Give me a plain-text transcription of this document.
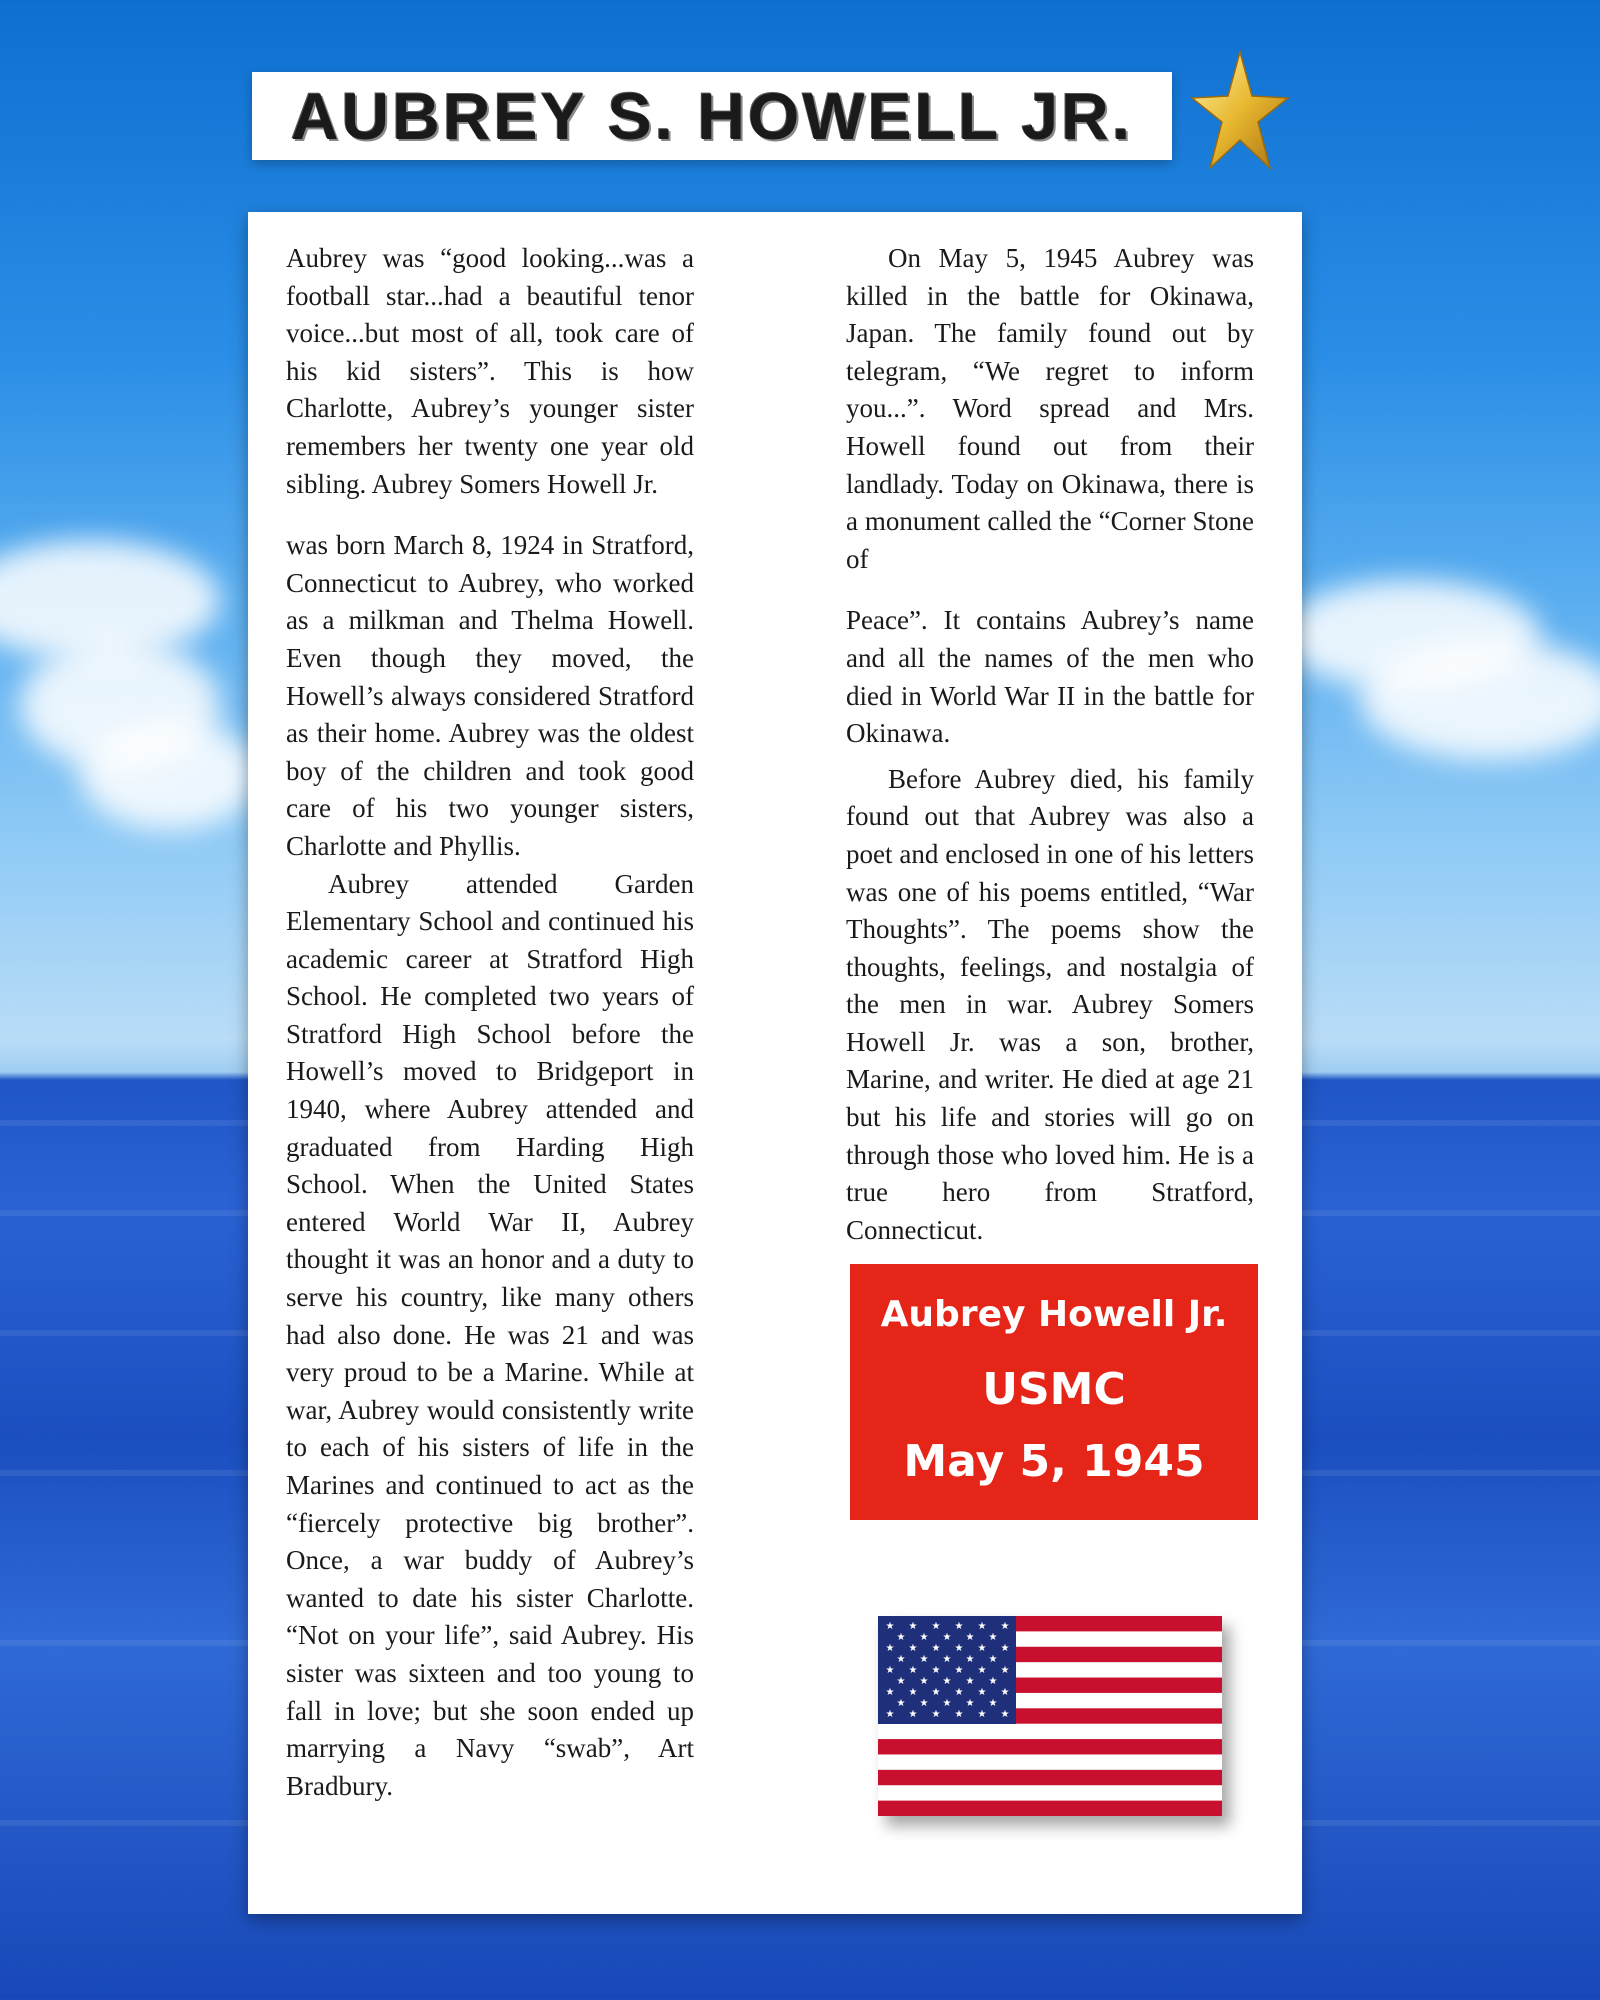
AUBREY S. HOWELL JR.

Aubrey was “good looking...was a football star...had a beautiful tenor voice...but most of all, took care of his kid sisters”. This is how Charlotte, Aubrey’s younger sister remembers her twenty one year old sibling. Aubrey Somers Howell Jr.

was born March 8, 1924 in Stratford, Connecticut to Aubrey, who worked as a milkman and Thelma Howell. Even though they moved, the Howell’s always considered Stratford as their home. Aubrey was the oldest boy of the children and took good care of his two younger sisters, Charlotte and Phyllis.

Aubrey attended Garden Elementary School and continued his academic career at Stratford High School. He completed two years of Stratford High School before the Howell’s moved to Bridgeport in 1940, where Aubrey attended and graduated from Harding High School. When the United States entered World War II, Aubrey thought it was an honor and a duty to serve his country, like many others had also done. He was 21 and was very proud to be a Marine. While at war, Aubrey would consistently write to each of his sisters of life in the Marines and continued to act as the “fiercely protective big brother”. Once, a war buddy of Aubrey’s wanted to date his sister Charlotte. “Not on your life”, said Aubrey. His sister was sixteen and too young to fall in love; but she soon ended up marrying a Navy “swab”, Art Bradbury.

On May 5, 1945 Aubrey was killed in the battle for Okinawa, Japan. The family found out by telegram, “We regret to inform you...”. Word spread and Mrs. Howell found out from their landlady. Today on Okinawa, there is a monument called the “Corner Stone of

Peace”. It contains Aubrey’s name and all the names of the men who died in World War II in the battle for Okinawa.

Before Aubrey died, his family found out that Aubrey was also a poet and enclosed in one of his letters was one of his poems entitled, “War Thoughts”. The poems show the thoughts, feelings, and nostalgia of the men in war. Aubrey Somers Howell Jr. was a son, brother, Marine, and writer. He died at age 21 but his life and stories will go on through those who loved him. He is a true hero from Stratford, Connecticut.

Aubrey Howell Jr.
USMC
May 5, 1945
★ ★ ★ ★ ★ ★
★ ★ ★ ★ ★
★ ★ ★ ★ ★ ★
★ ★ ★ ★ ★
★ ★ ★ ★ ★ ★
★ ★ ★ ★ ★
★ ★ ★ ★ ★ ★
★ ★ ★ ★ ★
★ ★ ★ ★ ★ ★
